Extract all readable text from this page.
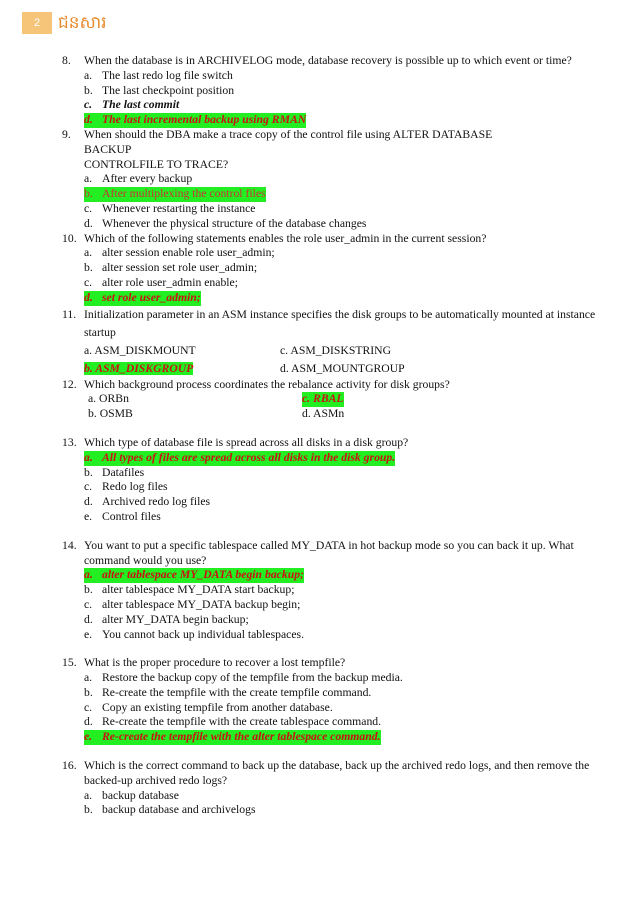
2	ជនសារ
8.	When the database is in ARCHIVELOG mode, database recovery is possible up to which event or time?
a. The last redo log file switch
b. The last checkpoint position
c. The last commit
d. The last incremental backup using RMAN
9.	When should the DBA make a trace copy of the control file using ALTER DATABASE
BACKUP
CONTROLFILE TO TRACE?
a. After every backup
b. After multiplexing the control files
c. Whenever restarting the instance
d. Whenever the physical structure of the database changes
10. Which of the following statements enables the role user_admin in the current session?
a. alter session enable role user_admin;
b. alter session set role user_admin;
c. alter role user_admin enable;
d. set role user_admin;
11. Initialization parameter in an ASM instance specifies the disk groups to be automatically mounted at instance startup
a. ASM_DISKMOUNT	c. ASM_DISKSTRING
b. ASM_DISKGROUP	d. ASM_MOUNTGROUP
12. Which background process coordinates the rebalance activity for disk groups?
a. ORBn	c. RBAL
b. OSMB	d. ASMn
13. Which type of database file is spread across all disks in a disk group?
a. All types of files are spread across all disks in the disk group.
b. Datafiles
c. Redo log files
d. Archived redo log files
e. Control files
14. You want to put a specific tablespace called MY_DATA in hot backup mode so you can back it up. What command would you use?
a. alter tablespace MY_DATA begin backup;
b. alter tablespace MY_DATA start backup;
c. alter tablespace MY_DATA backup begin;
d. alter MY_DATA begin backup;
e. You cannot back up individual tablespaces.
15. What is the proper procedure to recover a lost tempfile?
a. Restore the backup copy of the tempfile from the backup media.
b. Re-create the tempfile with the create tempfile command.
c. Copy an existing tempfile from another database.
d. Re-create the tempfile with the create tablespace command.
e. Re-create the tempfile with the alter tablespace command.
16. Which is the correct command to back up the database, back up the archived redo logs, and then remove the backed-up archived redo logs?
a. backup database
b. backup database and archivelogs
